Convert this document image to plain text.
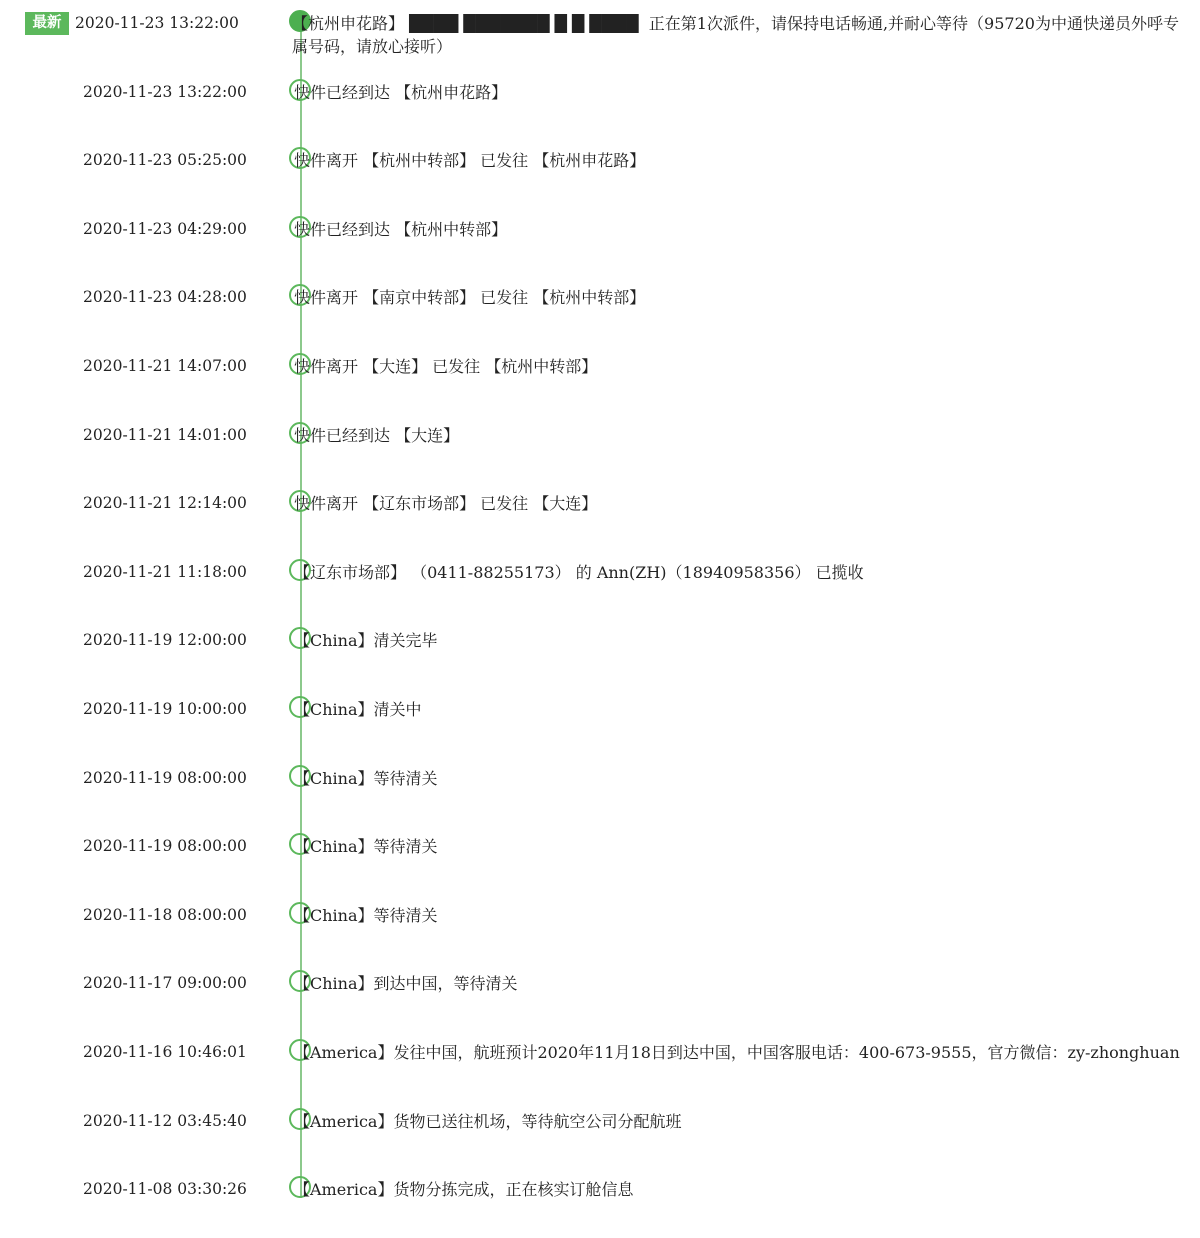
最新 2020-11-23 13:22:00	【杭州申花路】 ████ ███████ █ █ ████  正在第1次派件，请保持电话畅通,并耐心等待（95720为中通快递员外呼专属号码，请放心接听）
2020-11-23 13:22:00	快件已经到达 【杭州申花路】
2020-11-23 05:25:00	快件离开 【杭州中转部】 已发往 【杭州申花路】
2020-11-23 04:29:00	快件已经到达 【杭州中转部】
2020-11-23 04:28:00	快件离开 【南京中转部】 已发往 【杭州中转部】
2020-11-21 14:07:00	快件离开 【大连】 已发往 【杭州中转部】
2020-11-21 14:01:00	快件已经到达 【大连】
2020-11-21 12:14:00	快件离开 【辽东市场部】 已发往 【大连】
2020-11-21 11:18:00	【辽东市场部】 （0411-88255173） 的 Ann(ZH)（18940958356） 已揽收
2020-11-19 12:00:00	【China】清关完毕
2020-11-19 10:00:00	【China】清关中
2020-11-19 08:00:00	【China】等待清关
2020-11-19 08:00:00	【China】等待清关
2020-11-18 08:00:00	【China】等待清关
2020-11-17 09:00:00	【China】到达中国，等待清关
2020-11-16 10:46:01	【America】发往中国，航班预计2020年11月18日到达中国，中国客服电话：400-673-9555，官方微信：zy-zhonghuan
2020-11-12 03:45:40	【America】货物已送往机场，等待航空公司分配航班
2020-11-08 03:30:26	【America】货物分拣完成，正在核实订舱信息
